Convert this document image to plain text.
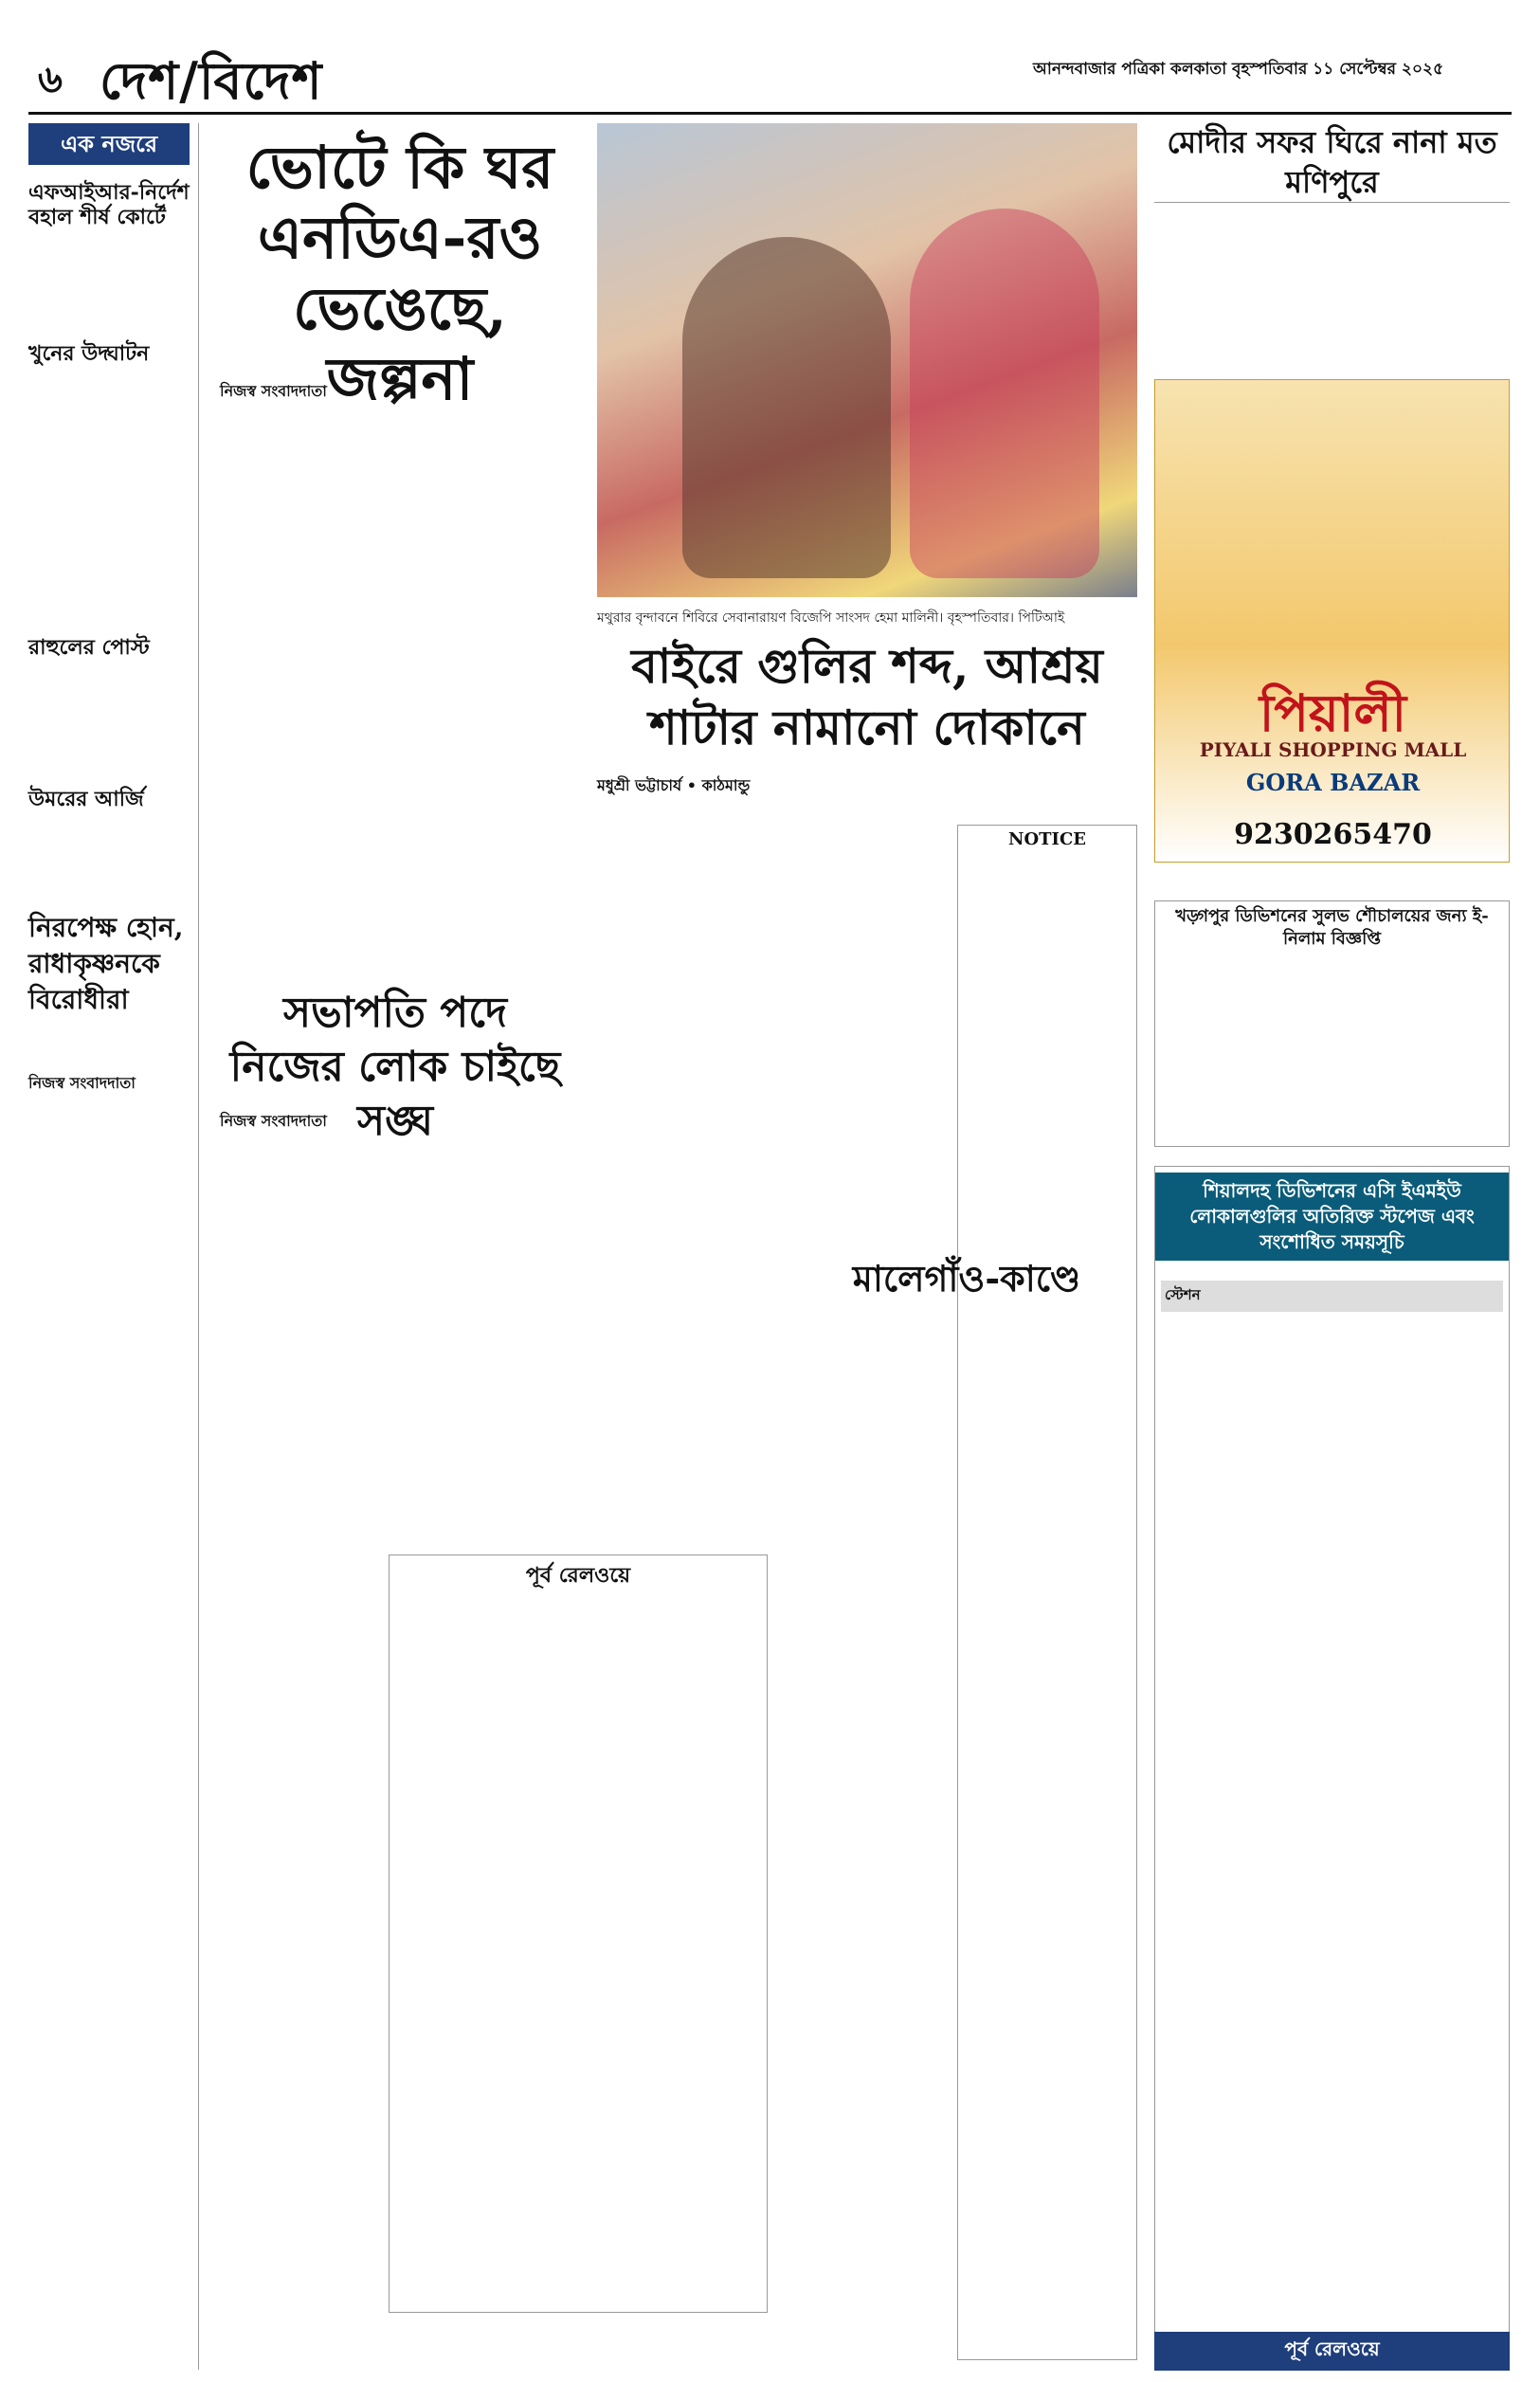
৬ দেশ/বিদেশ	আনন্দবাজার পত্রিকা কলকাতা বৃহস্পতিবার ১১ সেপ্টেম্বর ২০২৫
এক নজরে
এফআইআর-নির্দেশ বহাল শীর্ষ কোর্টে
খুনের উদ্ঘাটন
রাহুলের পোস্ট
উমরের আর্জি
নিরপেক্ষ হোন, রাধাকৃষ্ণনকে বিরোধীরা
নিজস্ব সংবাদদাতা
ভোটে কি ঘর এনডিএ-রও ভেঙেছে, জল্পনা
নিজস্ব সংবাদদাতা
মথুরার বৃন্দাবনে শিবিরে সেবানারায়ণ বিজেপি সাংসদ হেমা মালিনী। বৃহস্পতিবার। পিটিআই
বাইরে গুলির শব্দ, আশ্রয় শাটার নামানো দোকানে
মধুশ্রী ভট্টাচার্য • কাঠমান্ডু
মোদীর সফর ঘিরে নানা মত মণিপুরে
পিয়ালী
PIYALI SHOPPING MALL
GORA BAZAR
9230265470
NOTICE
সভাপতি পদে নিজের লোক চাইছে সঙ্ঘ
নিজস্ব সংবাদদাতা
মালেগাঁও-কাণ্ডে
পূর্ব রেলওয়ে
খড়্গপুর ডিভিশনের সুলভ শৌচালয়ের জন্য ই-নিলাম বিজ্ঞপ্তি
শিয়ালদহ ডিভিশনের এসি ইএমইউ লোকালগুলির অতিরিক্ত স্টপেজ এবং সংশোধিত সময়সূচি
স্টেশন
পূর্ব রেলওয়ে
